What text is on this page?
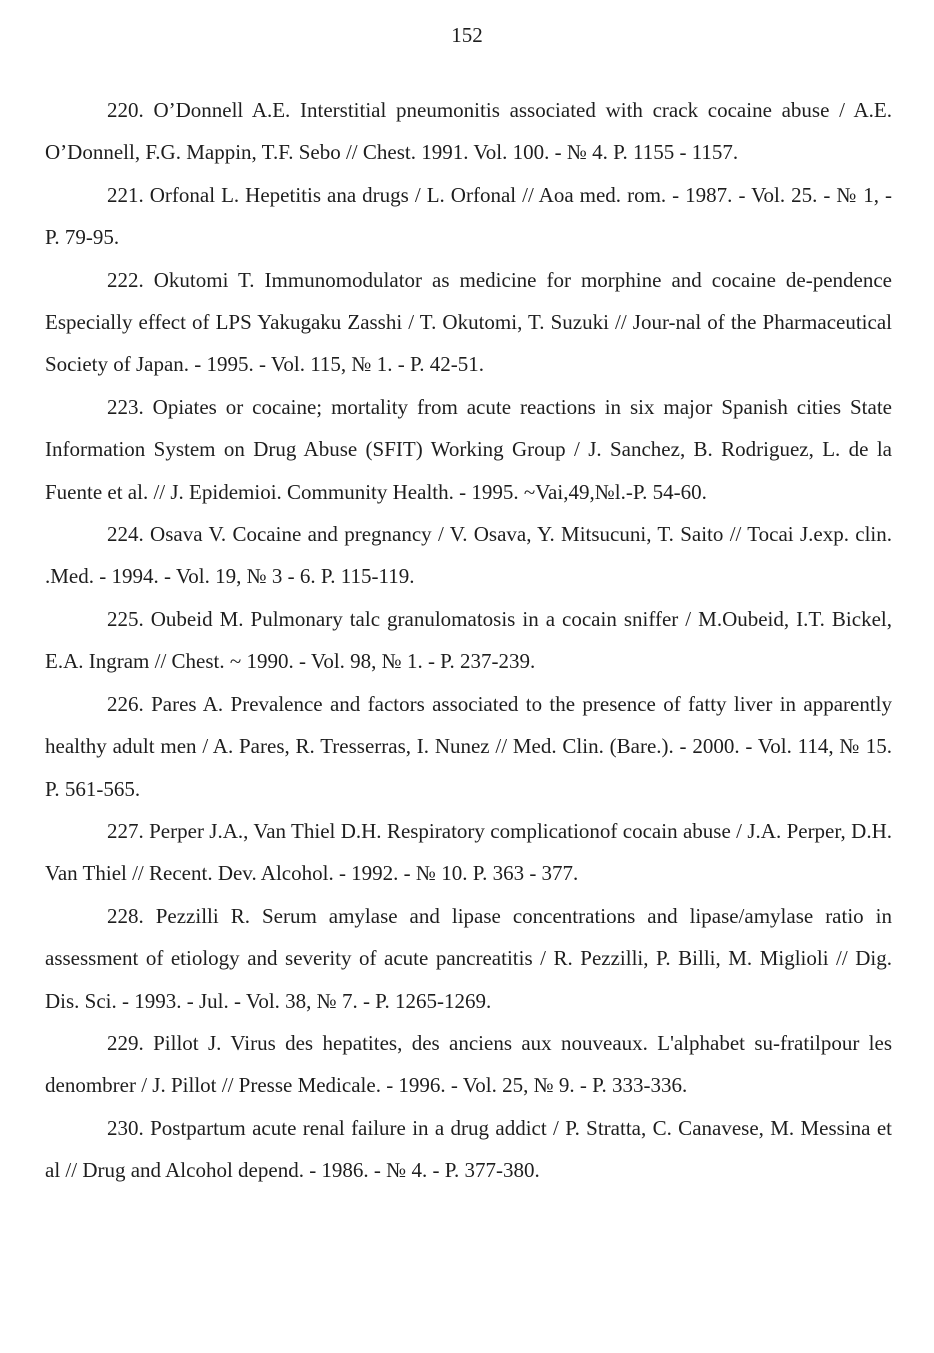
152

220. O’Donnell A.E. Interstitial pneumonitis associated with crack cocaine abuse / A.E. O’Donnell, F.G. Mappin, T.F. Sebo // Chest. 1991. Vol. 100. - № 4. P. 1155 - 1157.

221. Orfonal L. Hepetitis ana drugs / L. Orfonal // Aoa med. rom. - 1987. - Vol. 25. - № 1, - P. 79-95.

222. Okutomi T. Immunomodulator as medicine for morphine and cocaine de-pendence Especially effect of LPS Yakugaku Zasshi / T. Okutomi, T. Suzuki // Jour-nal of the Pharmaceutical Society of Japan. - 1995. - Vol. 115, № 1. - P. 42-51.

223. Opiates or cocaine; mortality from acute reactions in six major Spanish cities State Information System on Drug Abuse (SFIT) Working Group / J. Sanchez, B. Rodriguez, L. de la Fuente et al. // J. Epidemioi. Community Health. - 1995. ~Vai,49,№l.-P. 54-60.

224. Osava V. Cocaine and pregnancy / V. Osava, Y. Mitsucuni, T. Saito // Tocai J.exp. clin. .Med. - 1994. - Vol. 19, № 3 - 6. P. 115-119.

225. Oubeid M. Pulmonary talc granulomatosis in a cocain sniffer / M.Oubeid, I.T. Bickel, E.A. Ingram // Chest. ~ 1990. - Vol. 98, № 1. - P. 237-239.

226. Pares A. Prevalence and factors associated to the presence of fatty liver in apparently healthy adult men / A. Pares, R. Tresserras, I. Nunez // Med. Clin. (Bare.). - 2000. - Vol. 114, № 15. P. 561-565.

227. Perper J.A., Van Thiel D.H. Respiratory complicationof cocain abuse / J.A. Perper, D.H. Van Thiel // Recent. Dev. Alcohol. - 1992. - № 10. P. 363 - 377.

228. Pezzilli R. Serum amylase and lipase concentrations and lipase/amylase ratio in assessment of etiology and severity of acute pancreatitis / R. Pezzilli, P. Billi, M. Miglioli // Dig. Dis. Sci. - 1993. - Jul. - Vol. 38, № 7. - P. 1265-1269.

229. Pillot J. Virus des hepatites, des anciens aux nouveaux. L'alphabet su-fratilpour les denombrer / J. Pillot // Presse Medicale. - 1996. - Vol. 25, № 9. - P. 333-336.

230. Postpartum acute renal failure in a drug addict / P. Stratta, C. Canavese, M. Messina et al // Drug and Alcohol depend. - 1986. - № 4. - P. 377-380.
